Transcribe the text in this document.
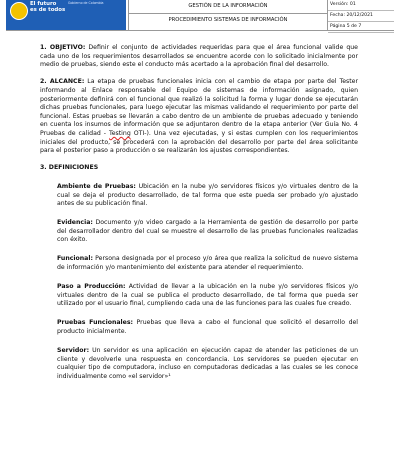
El futuro
es de todos
Gobierno de Colombia	GESTIÓN DE LA INFORMACIÓN
PROCEDIMIENTO SISTEMAS DE INFORMACIÓN
Versión: 01
Fecha: 20/12/2021
Página 5 de 7

1. OBJETIVO: Definir el conjunto de actividades requeridas para que el área funcional valide que cada uno de los requerimientos desarrollados se encuentre acorde con lo solicitado inicialmente por medio de pruebas, siendo este el conducto más acertado a la aprobación final del desarrollo.

2. ALCANCE: La etapa de pruebas funcionales inicia con el cambio de etapa por parte del Tester informando al Enlace responsable del Equipo de sistemas de información asignado, quien posteriormente definirá con el funcional que realizó la solicitud la forma y lugar donde se ejecutarán dichas pruebas funcionales, para luego ejecutar las mismas validando el requerimiento por parte del funcional. Estas pruebas se llevarán a cabo dentro de un ambiente de pruebas adecuado y teniendo en cuenta los insumos de información que se adjuntaron dentro de la etapa anterior (Ver Guía No. 4 Pruebas de calidad - Testing OTI-). Una vez ejecutadas, y si estas cumplen con los requerimientos iniciales del producto, se procederá con la aprobación del desarrollo por parte del área solicitante para el posterior paso a producción o se realizarán los ajustes correspondientes.

3. DEFINICIONES

Ambiente de Pruebas: Ubicación en la nube y/o servidores físicos y/o virtuales dentro de la cual se deja el producto desarrollado, de tal forma que este pueda ser probado y/o ajustado antes de su publicación final.

Evidencia: Documento y/o video cargado a la Herramienta de gestión de desarrollo por parte del desarrollador dentro del cual se muestre el desarrollo de las pruebas funcionales realizadas con éxito.

Funcional: Persona designada por el proceso y/o área que realiza la solicitud de nuevo sistema de información y/o mantenimiento del existente para atender el requerimiento.

Paso a Producción: Actividad de llevar a la ubicación en la nube y/o servidores físicos y/o virtuales dentro de la cual se publica el producto desarrollado, de tal forma que pueda ser utilizado por el usuario final, cumpliendo cada una de las funciones para las cuales fue creado.

Pruebas Funcionales: Pruebas que lleva a cabo el funcional que solicitó el desarrollo del producto inicialmente.

Servidor: Un servidor es una aplicación en ejecución capaz de atender las peticiones de un cliente y devolverle una respuesta en concordancia. Los servidores se pueden ejecutar en cualquier tipo de computadora, incluso en computadoras dedicadas a las cuales se les conoce individualmente como «el servidor»¹
